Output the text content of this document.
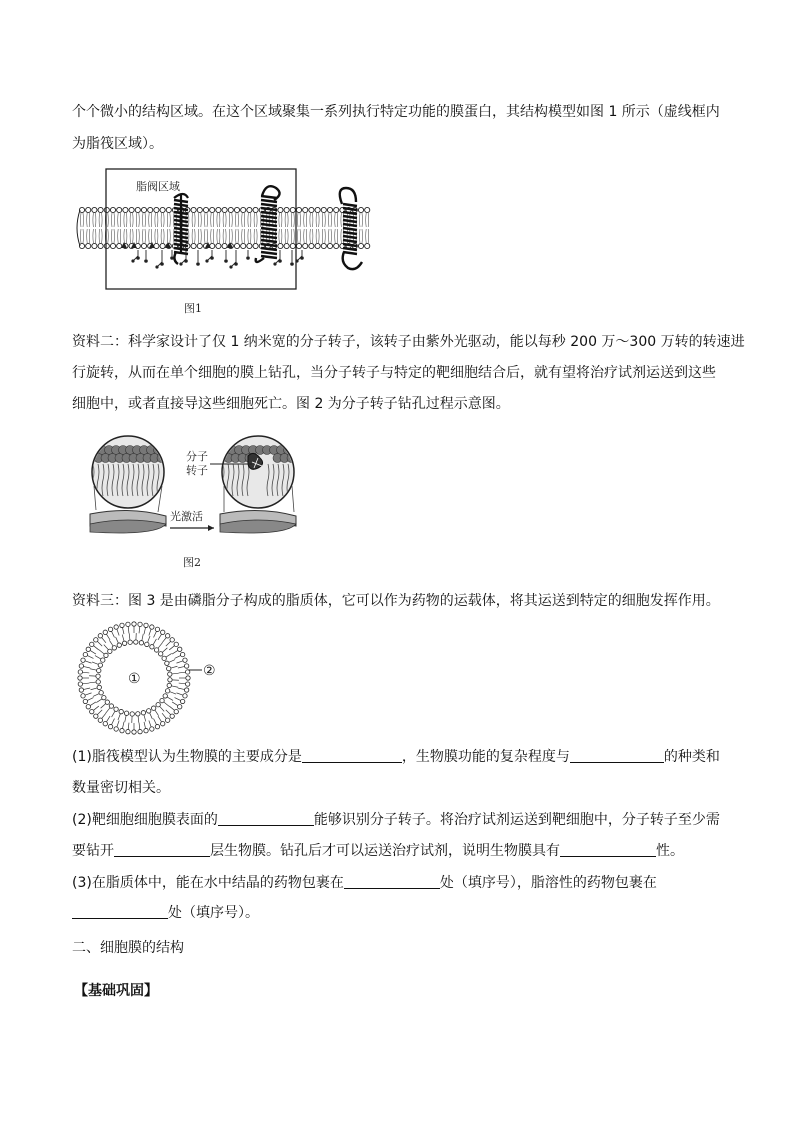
个个微小的结构区域。在这个区域聚集一系列执行特定功能的膜蛋白，其结构模型如图 1 所示（虚线框内
为脂筏区域）。
脂阀区域
图1
资料二：科学家设计了仅 1 纳米宽的分子转子，该转子由紫外光驱动，能以每秒 200 万～300 万转的转速进
行旋转，从而在单个细胞的膜上钻孔，当分子转子与特定的靶细胞结合后，就有望将治疗试剂运送到这些
细胞中，或者直接导这些细胞死亡。图 2 为分子转子钻孔过程示意图。
分子
转子
光激活
图2
资料三：图 3 是由磷脂分子构成的脂质体，它可以作为药物的运载体，将其运送到特定的细胞发挥作用。
①	②
(1)脂筏模型认为生物膜的主要成分是	，生物膜功能的复杂程度与	的种类和
数量密切相关。
(2)靶细胞细胞膜表面的	能够识别分子转子。将治疗试剂运送到靶细胞中，分子转子至少需
要钻开	层生物膜。钻孔后才可以运送治疗试剂，说明生物膜具有	性。
(3)在脂质体中，能在水中结晶的药物包裹在	处（填序号），脂溶性的药物包裹在
处（填序号）。
二、细胞膜的结构
【基础巩固】
